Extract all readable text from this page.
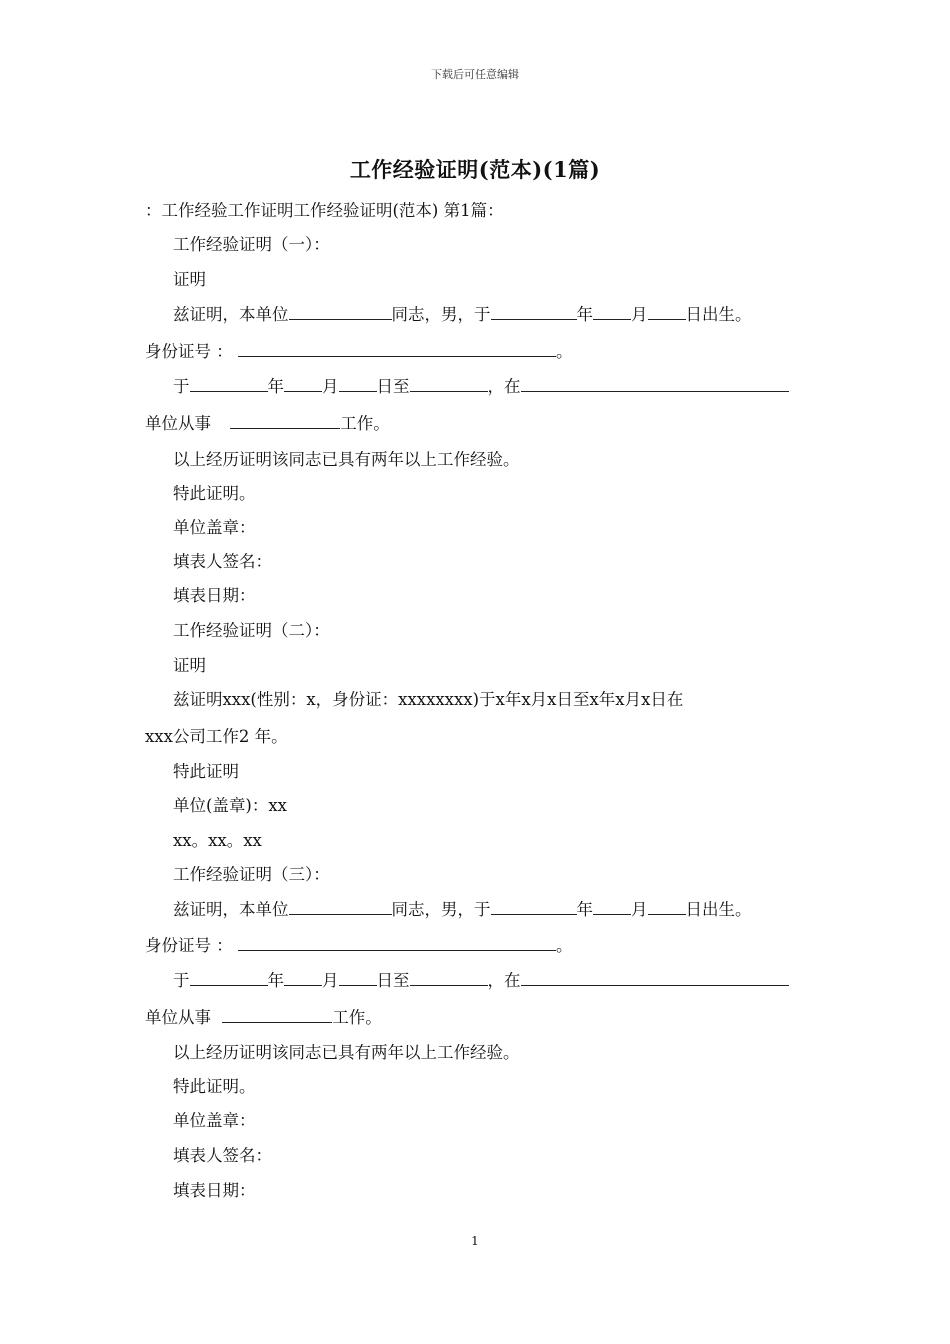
下载后可任意编辑
工作经验证明(范本)(1篇)
：工作经验工作证明工作经验证明(范本) 第1篇：
工作经验证明（一）：
证明
兹证明，本单位	同志，男，于	年 月 日出生。
身份证号 ：	。
于	年 月 日至	，在
单位从事	工作。
以上经历证明该同志已具有两年以上工作经验。
特此证明。
单位盖章：
填表人签名：
填表日期：
工作经验证明（二）：
证明
兹证明xxx(性别：x，身份证：xxxxxxxx)于x年x月x日至x年x月x日在
xxx公司工作2 年。
特此证明
单位(盖章)：xx
xx。xx。xx
工作经验证明（三）：
兹证明，本单位	同志，男，于	年 月 日出生。
身份证号 ：	。
于	年 月 日至	，在
单位从事	工作。
以上经历证明该同志已具有两年以上工作经验。
特此证明。
单位盖章：
填表人签名：
填表日期：
1
